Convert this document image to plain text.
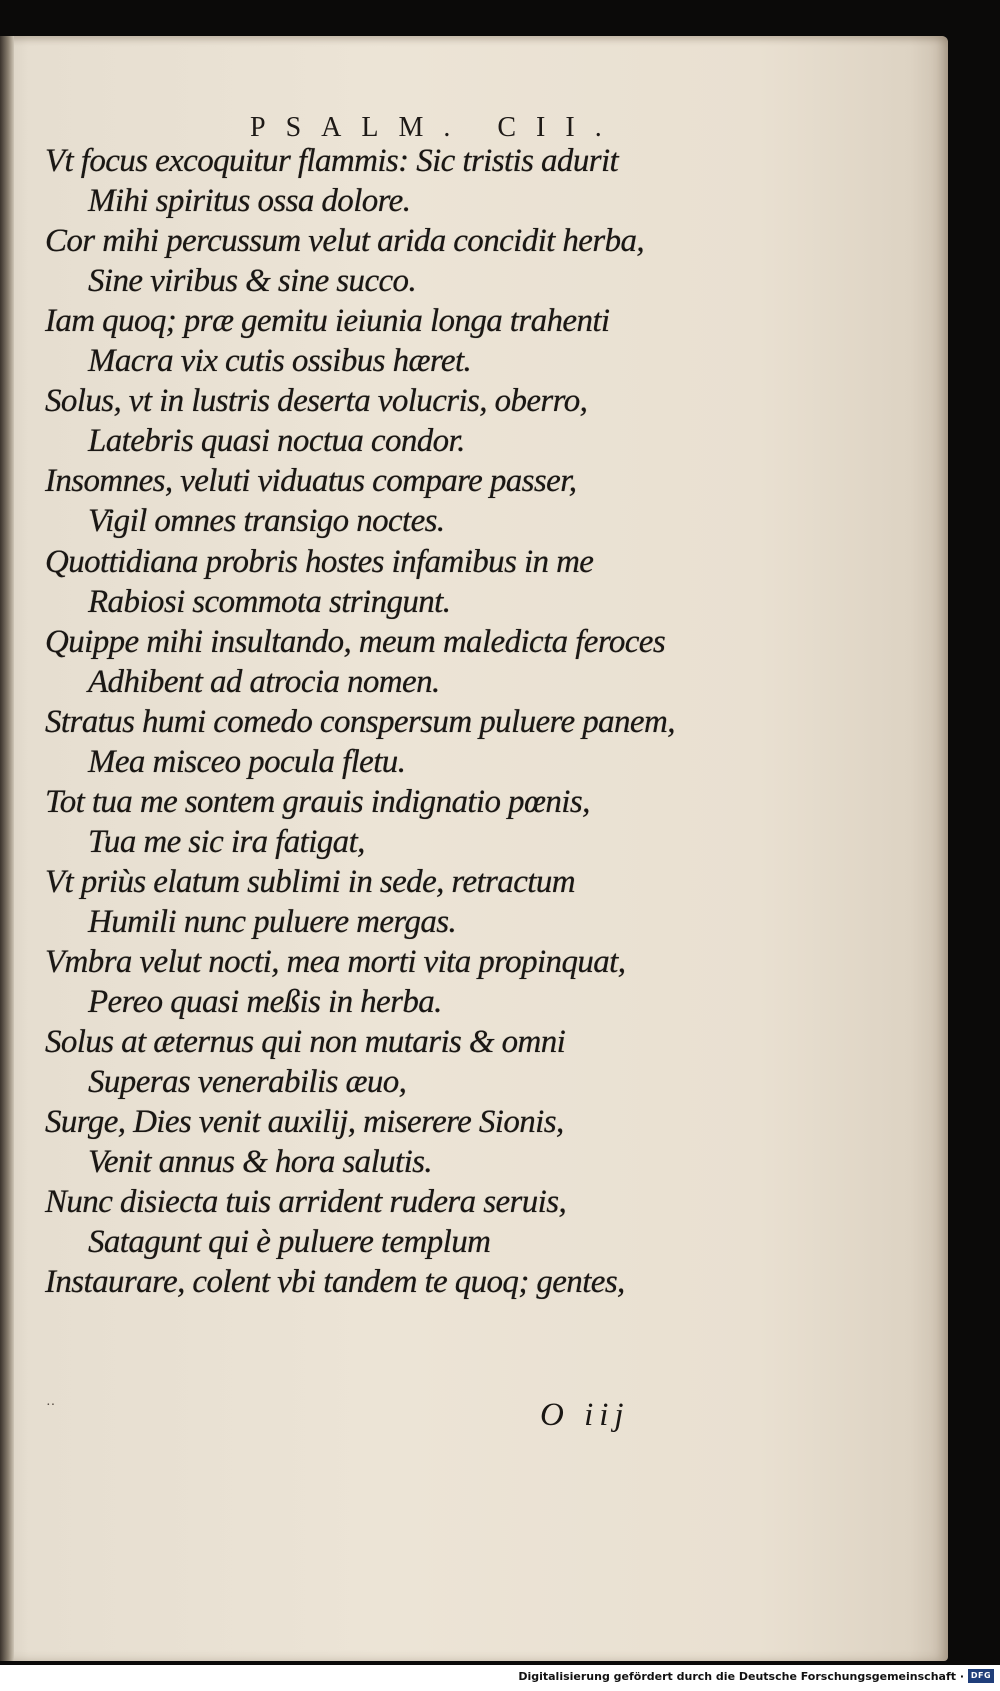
PSALM. CII.
Vt focus excoquitur flammis: Sic tristis adurit
Mihi spiritus ossa dolore.
Cor mihi percussum velut arida concidit herba,
Sine viribus & sine succo.
Iam quoq; præ gemitu ieiunia longa trahenti
Macra vix cutis ossibus hæret.
Solus, vt in lustris deserta volucris, oberro,
Latebris quasi noctua condor.
Insomnes, veluti viduatus compare passer,
Vigil omnes transigo noctes.
Quottidiana probris hostes infamibus in me
Rabiosi scommota stringunt.
Quippe mihi insultando, meum maledicta feroces
Adhibent ad atrocia nomen.
Stratus humi comedo conspersum puluere panem,
Mea misceo pocula fletu.
Tot tua me sontem grauis indignatio pœnis,
Tua me sic ira fatigat,
Vt priùs elatum sublimi in sede, retractum
Humili nunc puluere mergas.
Vmbra velut nocti, mea morti vita propinquat,
Pereo quasi meßis in herba.
Solus at æternus qui non mutaris & omni
Superas venerabilis æuo,
Surge, Dies venit auxilij, miserere Sionis,
Venit annus & hora salutis.
Nunc disiecta tuis arrident rudera seruis,
Satagunt qui è puluere templum
Instaurare, colent vbi tandem te quoq; gentes,
··	O iij
Digitalisierung gefördert durch die Deutsche Forschungsgemeinschaft · DFG
